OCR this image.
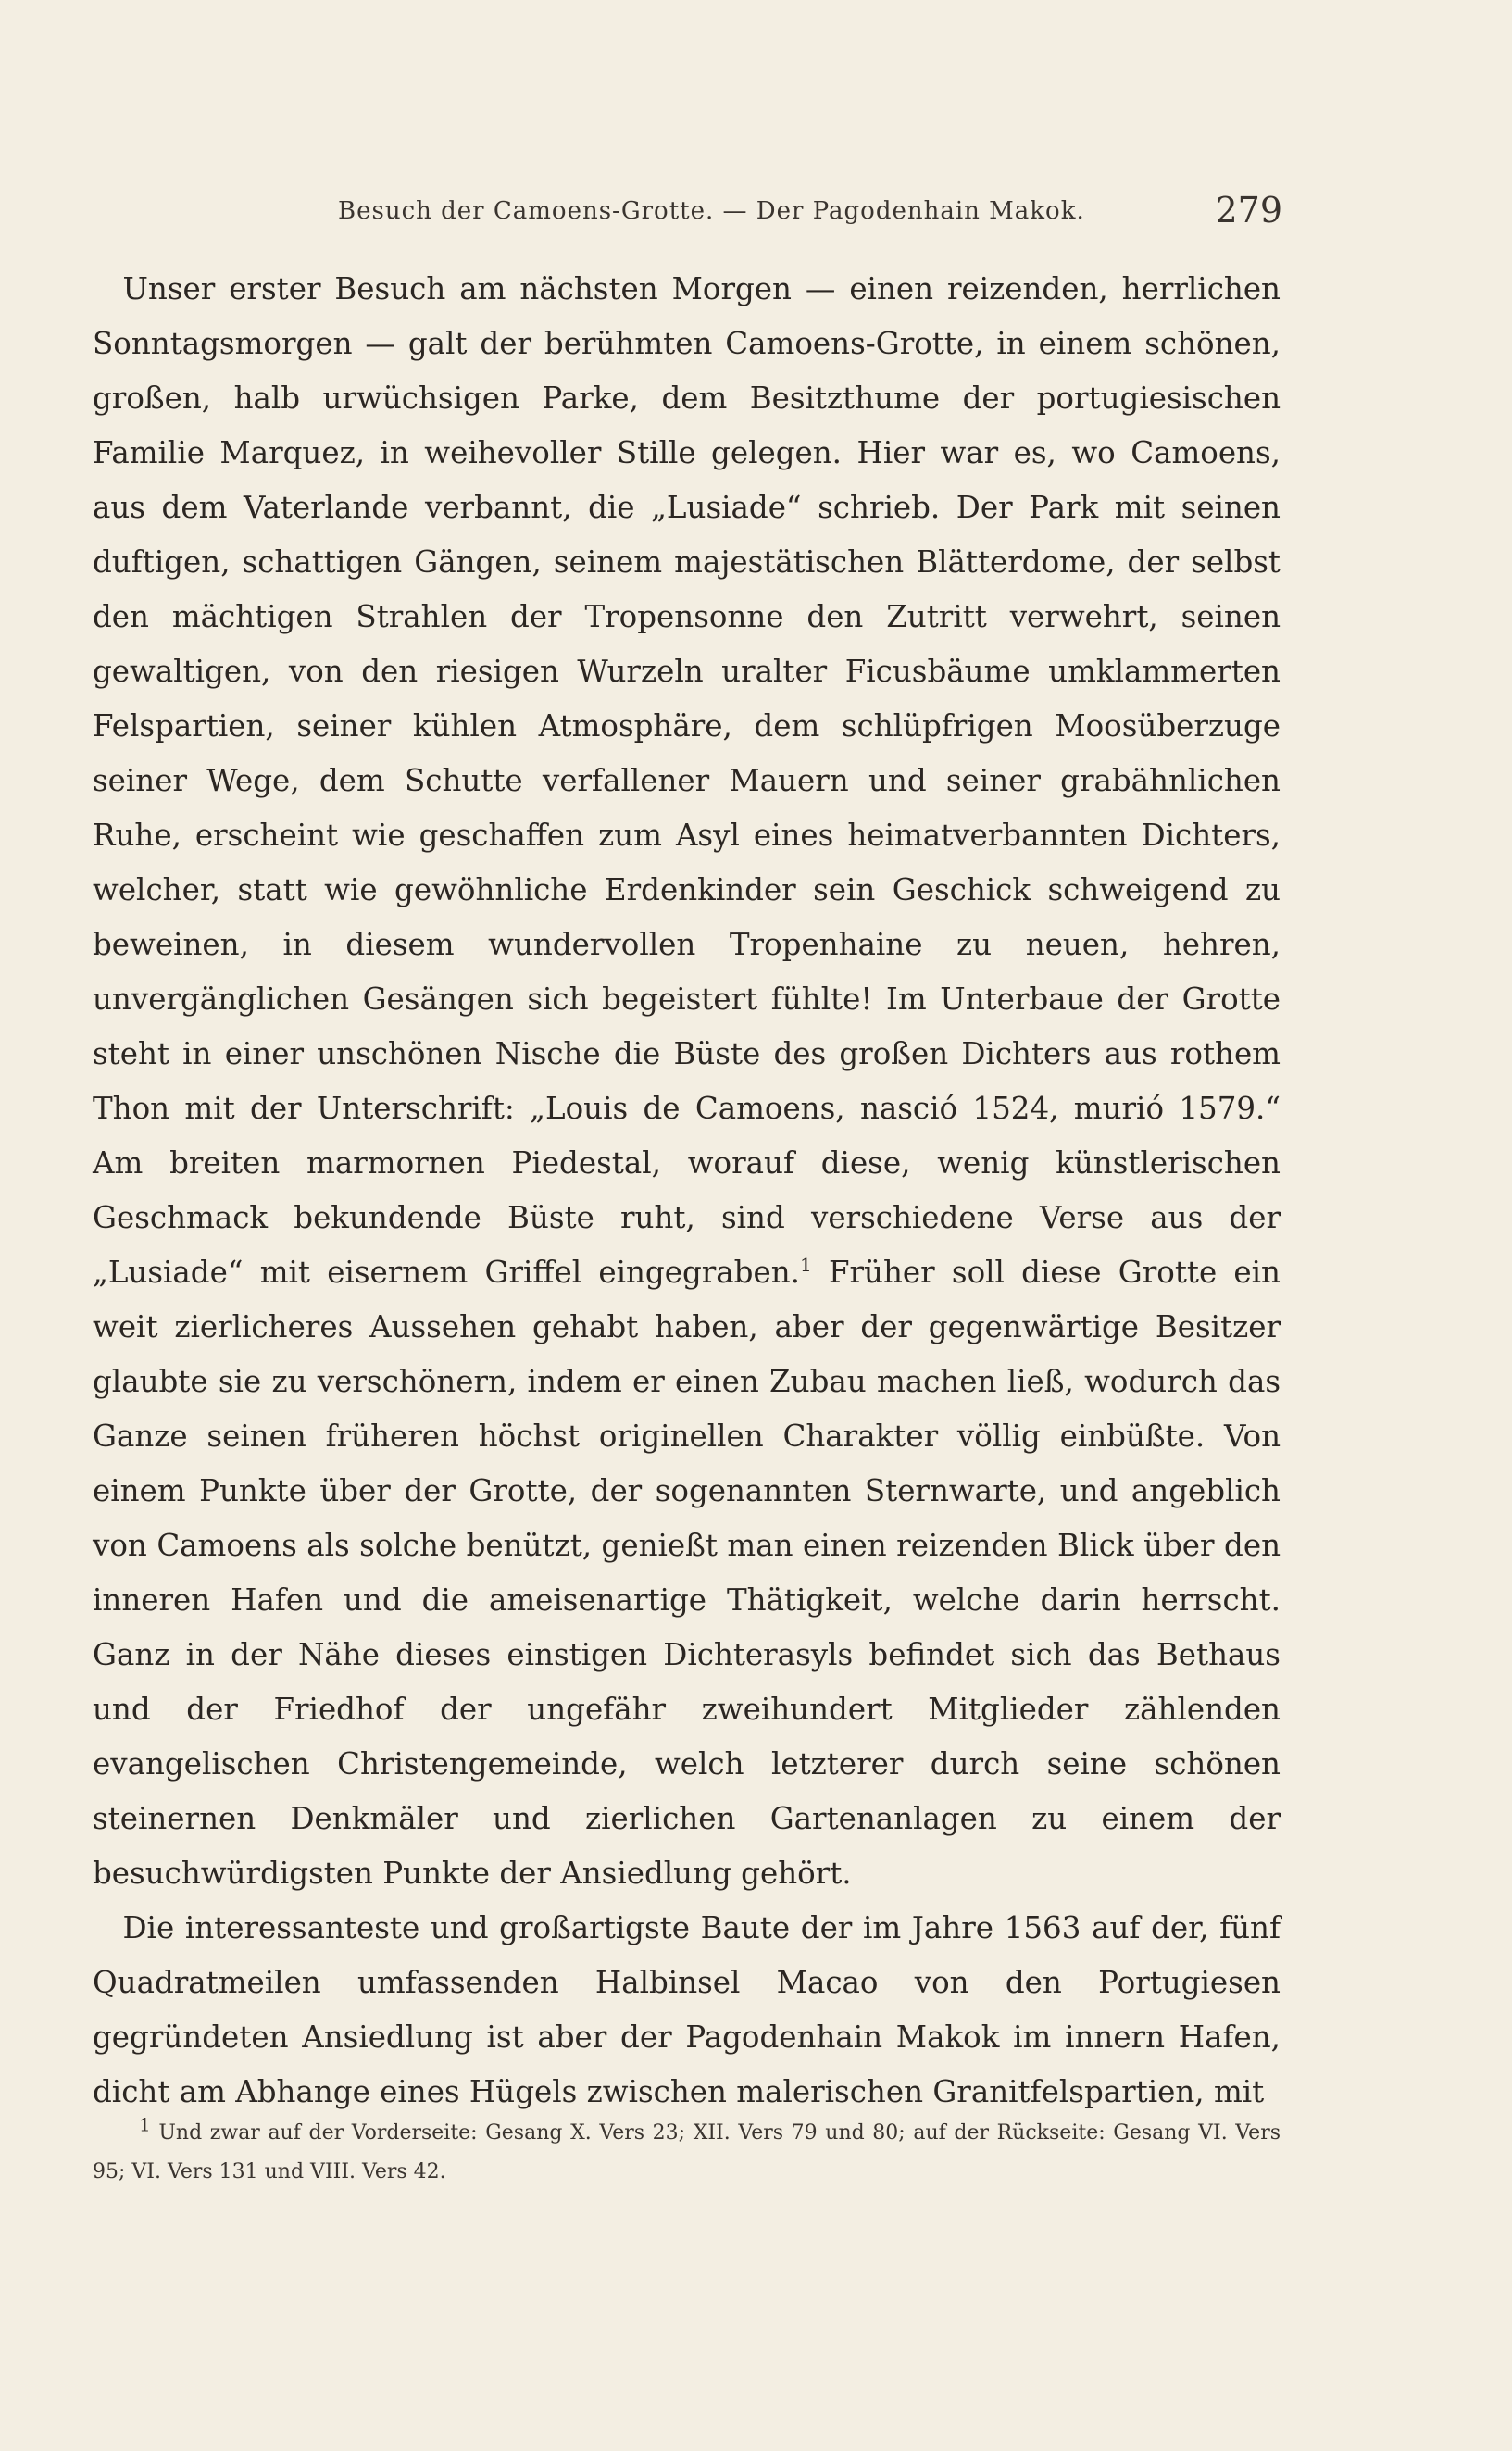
Besuch der Camoens-Grotte. — Der Pagodenhain Makok.	279

Unser erster Besuch am nächsten Morgen — einen reizenden, herrlichen Sonntagsmorgen — galt der berühmten Camoens-Grotte, in einem schönen, großen, halb urwüchsigen Parke, dem Besitzthume der portugiesischen Familie Marquez, in weihevoller Stille gelegen. Hier war es, wo Camoens, aus dem Vaterlande verbannt, die „Lusiade“ schrieb. Der Park mit seinen duftigen, schattigen Gängen, seinem majestätischen Blätterdome, der selbst den mächtigen Strahlen der Tropensonne den Zutritt verwehrt, seinen gewaltigen, von den riesigen Wurzeln uralter Ficusbäume umklammerten Felspartien, seiner kühlen Atmosphäre, dem schlüpfrigen Moosüberzuge seiner Wege, dem Schutte verfallener Mauern und seiner grabähnlichen Ruhe, erscheint wie geschaffen zum Asyl eines heimatverbannten Dichters, welcher, statt wie gewöhnliche Erdenkinder sein Geschick schweigend zu beweinen, in diesem wundervollen Tropenhaine zu neuen, hehren, unvergänglichen Gesängen sich begeistert fühlte! Im Unterbaue der Grotte steht in einer unschönen Nische die Büste des großen Dichters aus rothem Thon mit der Unterschrift: „Louis de Camoens, nasció 1524, murió 1579.“ Am breiten marmornen Piedestal, worauf diese, wenig künstlerischen Geschmack bekundende Büste ruht, sind verschiedene Verse aus der „Lusiade“ mit eisernem Griffel eingegraben.$^1$ Früher soll diese Grotte ein weit zierlicheres Aussehen gehabt haben, aber der gegenwärtige Besitzer glaubte sie zu verschönern, indem er einen Zubau machen ließ, wodurch das Ganze seinen früheren höchst originellen Charakter völlig einbüßte. Von einem Punkte über der Grotte, der sogenannten Sternwarte, und angeblich von Camoens als solche benützt, genießt man einen reizenden Blick über den inneren Hafen und die ameisenartige Thätigkeit, welche darin herrscht. Ganz in der Nähe dieses einstigen Dichterasyls befindet sich das Bethaus und der Friedhof der ungefähr zweihundert Mitglieder zählenden evangelischen Christengemeinde, welch letzterer durch seine schönen steinernen Denkmäler und zierlichen Gartenanlagen zu einem der besuchwürdigsten Punkte der Ansiedlung gehört.

Die interessanteste und großartigste Baute der im Jahre 1563 auf der, fünf Quadratmeilen umfassenden Halbinsel Macao von den Portugiesen gegründeten Ansiedlung ist aber der Pagodenhain Makok im innern Hafen, dicht am Abhange eines Hügels zwischen malerischen Granitfelspartien, mit

1 Und zwar auf der Vorderseite: Gesang X. Vers 23; XII. Vers 79 und 80; auf der Rückseite: Gesang VI. Vers 95; VI. Vers 131 und VIII. Vers 42.
